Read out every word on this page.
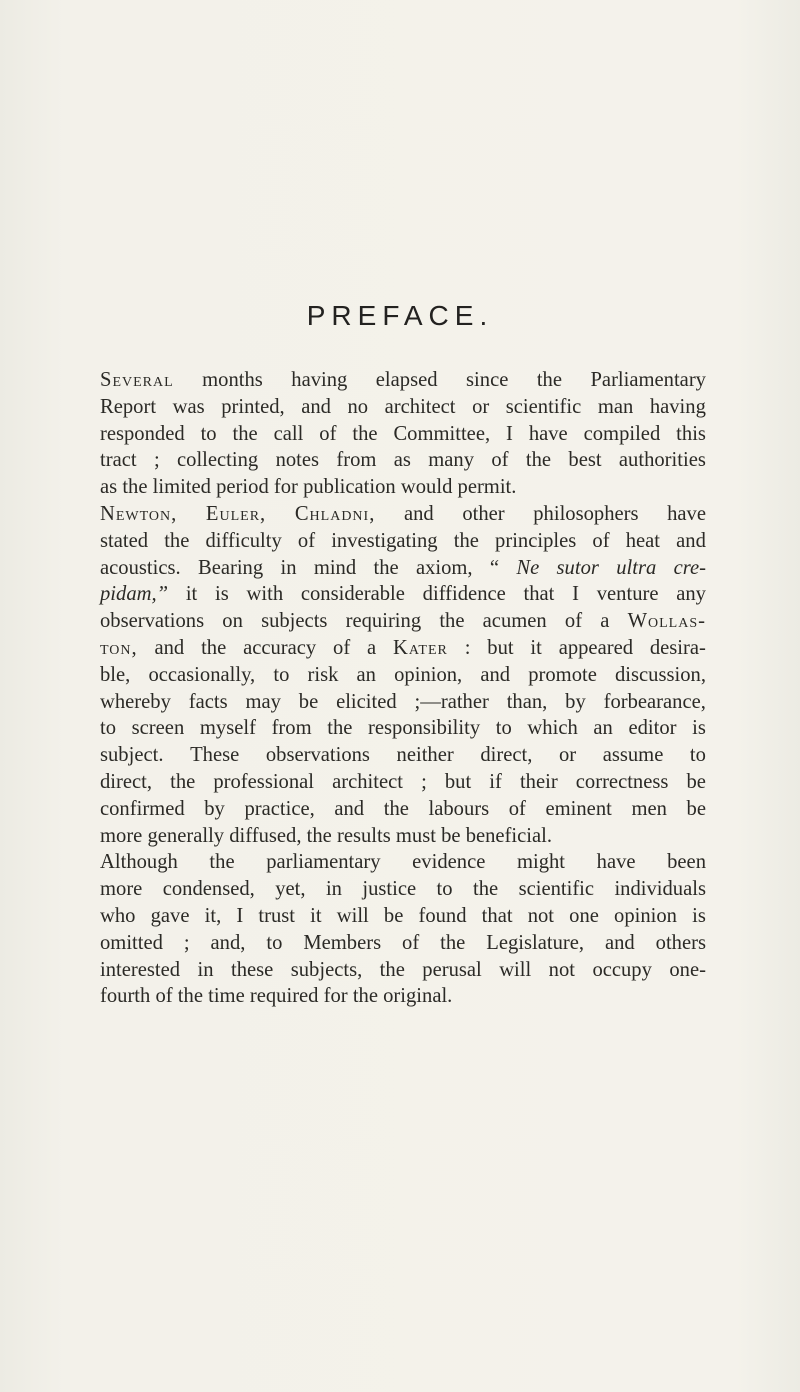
PREFACE.
Several months having elapsed since the Parliamentary
Report was printed, and no architect or scientific man having
responded to the call of the Committee, I have compiled this
tract ; collecting notes from as many of the best authorities
as the limited period for publication would permit.
Newton, Euler, Chladni, and other philosophers have
stated the difficulty of investigating the principles of heat and
acoustics. Bearing in mind the axiom, “ Ne sutor ultra cre-
pidam,” it is with considerable diffidence that I venture any
observations on subjects requiring the acumen of a Wollas-
ton, and the accuracy of a Kater : but it appeared desira-
ble, occasionally, to risk an opinion, and promote discussion,
whereby facts may be elicited ;—rather than, by forbearance,
to screen myself from the responsibility to which an editor is
subject. These observations neither direct, or assume to
direct, the professional architect ; but if their correctness be
confirmed by practice, and the labours of eminent men be
more generally diffused, the results must be beneficial.
Although the parliamentary evidence might have been
more condensed, yet, in justice to the scientific individuals
who gave it, I trust it will be found that not one opinion is
omitted ; and, to Members of the Legislature, and others
interested in these subjects, the perusal will not occupy one-
fourth of the time required for the original.
